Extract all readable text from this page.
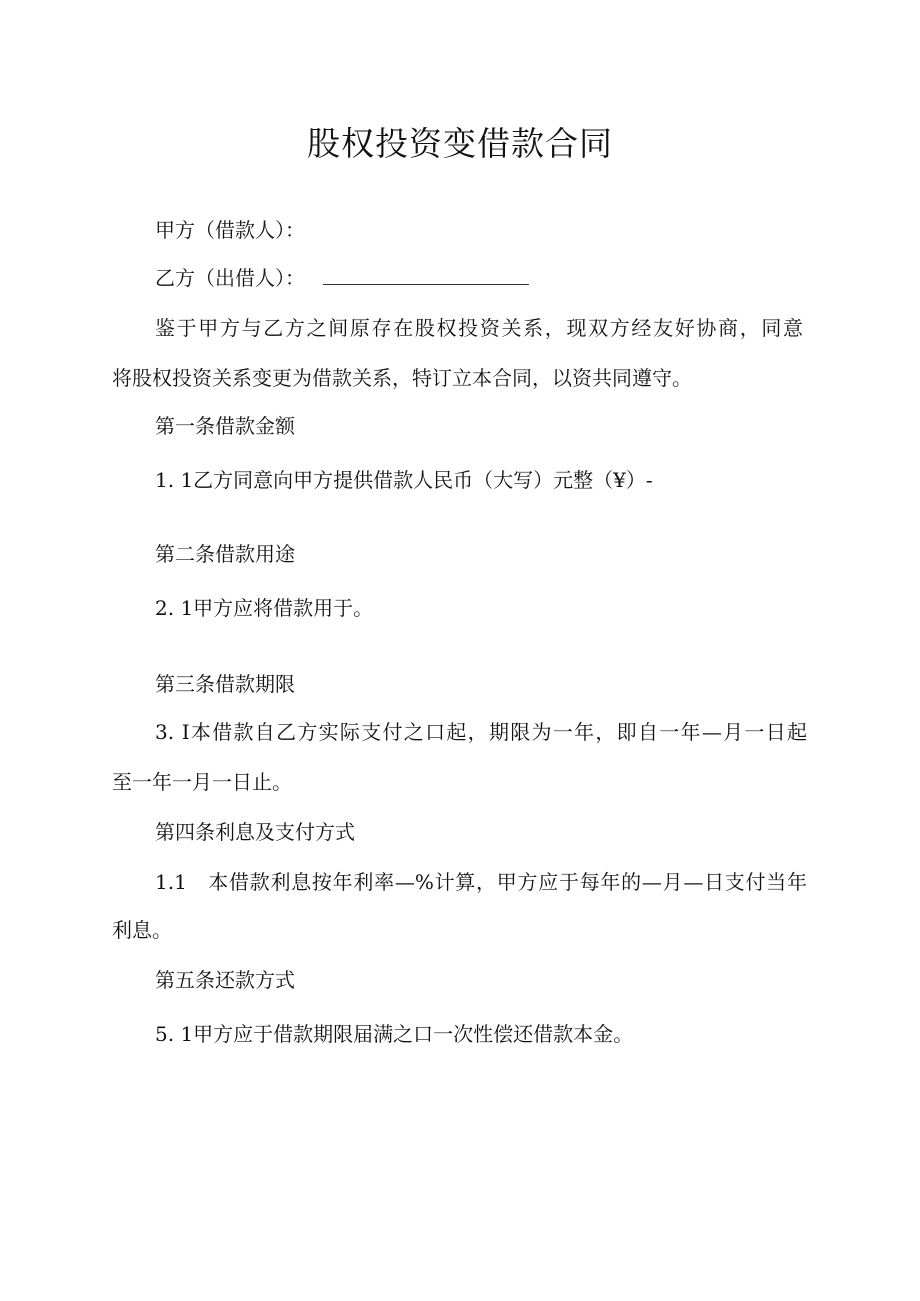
股权投资变借款合同

甲方（借款人）：

乙方（出借人）：

鉴于甲方与乙方之间原存在股权投资关系，现双方经友好协商，同意

将股权投资关系变更为借款关系，特订立本合同，以资共同遵守。

第一条借款金额

1. 1乙方同意向甲方提供借款人民币（大写）元整（¥）-

第二条借款用途

2. 1甲方应将借款用于。

第三条借款期限

3. I本借款自乙方实际支付之口起，期限为一年，即自一年—月一日起

至一年一月一日止。

第四条利息及支付方式

1.1　本借款利息按年利率—%计算，甲方应于每年的—月—日支付当年

利息。

第五条还款方式

5. 1甲方应于借款期限届满之口一次性偿还借款本金。
